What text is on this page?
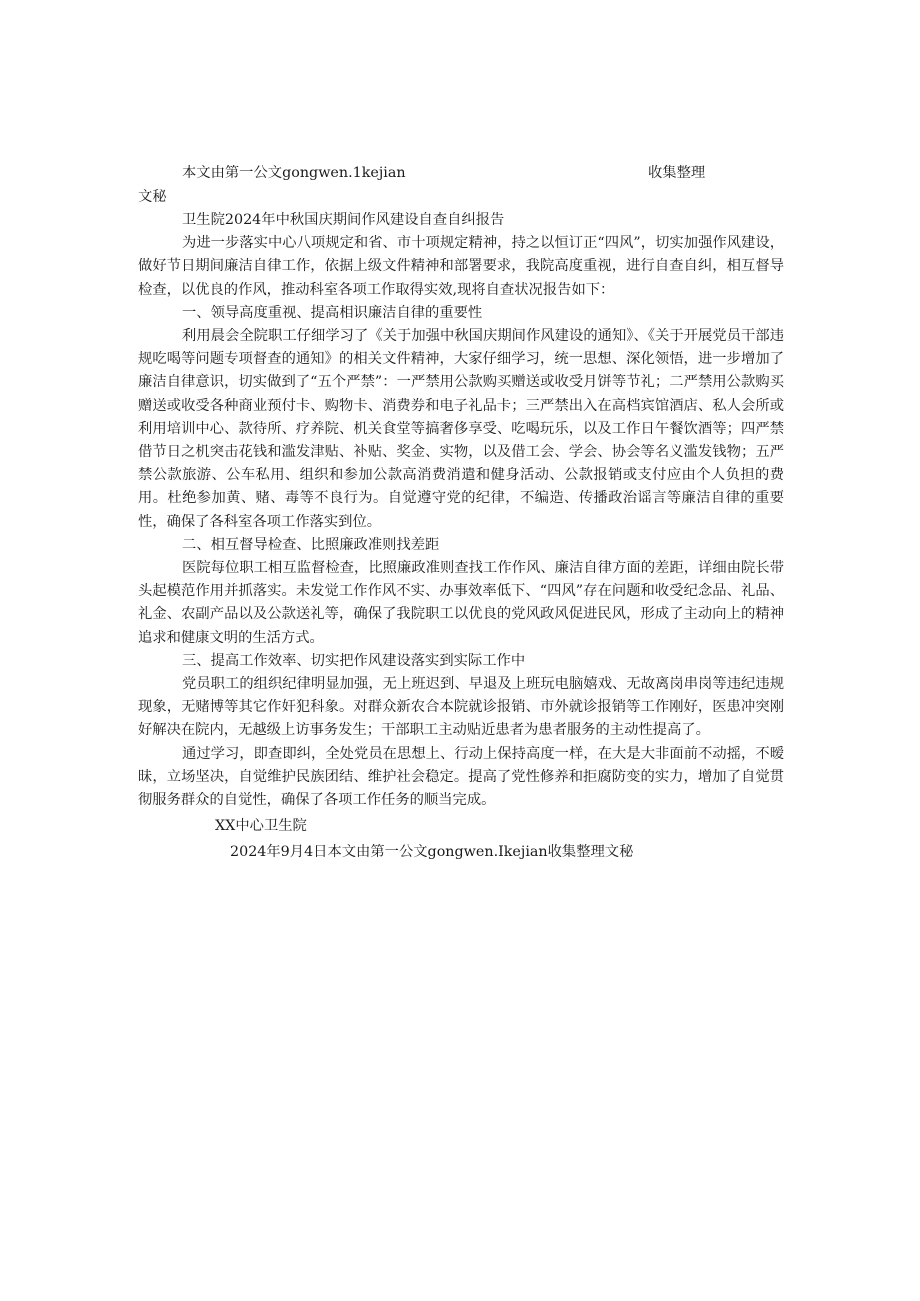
本文由第一公文gongwen.1kejian	收集整理
文秘

卫生院2024年中秋国庆期间作风建设自查自纠报告

为进一步落实中心八项规定和省、市十项规定精神，持之以恒订正“四风”，切实加强作风建设，做好节日期间廉洁自律工作，依据上级文件精神和部署要求，我院高度重视，进行自查自纠，相互督导检查，以优良的作风，推动科室各项工作取得实效,现将自查状况报告如下：

一、领导高度重视、提高相识廉洁自律的重要性

利用晨会全院职工仔细学习了《关于加强中秋国庆期间作风建设的通知》、《关于开展党员干部违规吃喝等问题专项督查的通知》的相关文件精神，大家仔细学习，统一思想、深化领悟，进一步增加了廉洁自律意识，切实做到了“五个严禁”：一严禁用公款购买赠送或收受月饼等节礼；二严禁用公款购买赠送或收受各种商业预付卡、购物卡、消费券和电子礼品卡；三严禁出入在高档宾馆酒店、私人会所或利用培训中心、款待所、疗养院、机关食堂等搞奢侈享受、吃喝玩乐，以及工作日午餐饮酒等；四严禁借节日之机突击花钱和滥发津贴、补贴、奖金、实物，以及借工会、学会、协会等名义滥发钱物；五严禁公款旅游、公车私用、组织和参加公款高消费消遣和健身活动、公款报销或支付应由个人负担的费用。杜绝参加黄、赌、毒等不良行为。自觉遵守党的纪律，不编造、传播政治谣言等廉洁自律的重要性，确保了各科室各项工作落实到位。

二、相互督导检查、比照廉政准则找差距

医院每位职工相互监督检查，比照廉政准则查找工作作风、廉洁自律方面的差距，详细由院长带头起模范作用并抓落实。未发觉工作作风不实、办事效率低下、“四风”存在问题和收受纪念品、礼品、礼金、农副产品以及公款送礼等，确保了我院职工以优良的党风政风促进民风，形成了主动向上的精神追求和健康文明的生活方式。

三、提高工作效率、切实把作风建设落实到实际工作中

党员职工的组织纪律明显加强，无上班迟到、早退及上班玩电脑嬉戏、无故离岗串岗等违纪违规现象，无赌博等其它作奸犯科象。对群众新农合本院就诊报销、市外就诊报销等工作刚好，医患冲突刚好解决在院内，无越级上访事务发生；干部职工主动贴近患者为患者服务的主动性提高了。

通过学习，即查即纠，全处党员在思想上、行动上保持高度一样，在大是大非面前不动摇，不暧昧，立场坚决，自觉维护民族团结、维护社会稳定。提高了党性修养和拒腐防变的实力，增加了自觉贯彻服务群众的自觉性，确保了各项工作任务的顺当完成。

XX中心卫生院
2024年9月4日本文由第一公文gongwen.Ikejian收集整理文秘
